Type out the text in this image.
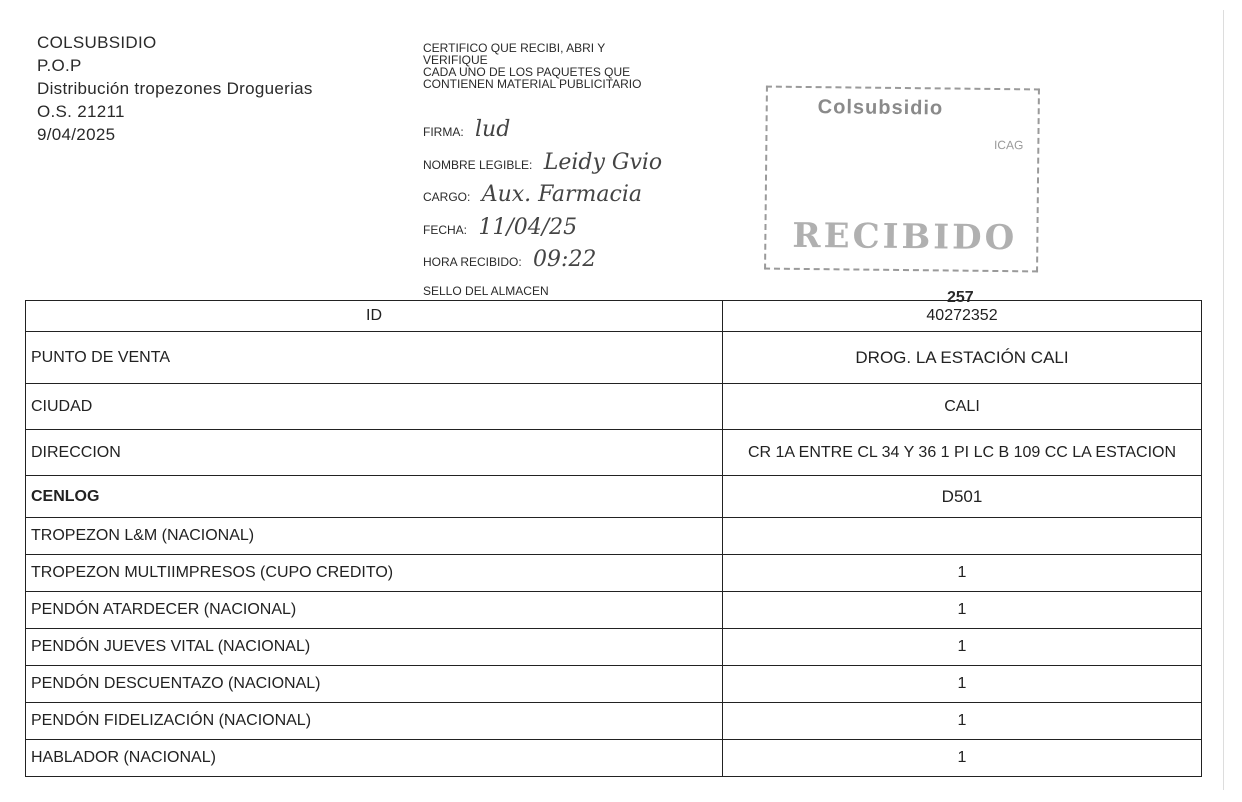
COLSUBSIDIO
P.O.P
Distribución tropezones Droguerias
O.S. 21211
9/04/2025
CERTIFICO QUE RECIBI, ABRI Y
VERIFIQUE
CADA UNO DE LOS PAQUETES QUE
CONTIENEN MATERIAL PUBLICITARIO
FIRMA: lud
NOMBRE LEGIBLE: Leidy Gvio
CARGO: Aux. Farmacia
FECHA: 11/04/25
HORA RECIBIDO: 09:22
SELLO DEL ALMACEN
Colsubsidio
ICAG
RECIBIDO
257
ID	40272352
PUNTO DE VENTA	DROG. LA ESTACIÓN CALI
CIUDAD	CALI
DIRECCION	CR 1A ENTRE CL 34 Y 36 1 PI LC B 109 CC LA ESTACION
CENLOG	D501
TROPEZON L&M (NACIONAL)	
TROPEZON MULTIIMPRESOS (CUPO CREDITO)	1
PENDÓN ATARDECER (NACIONAL)	1
PENDÓN JUEVES VITAL (NACIONAL)	1
PENDÓN DESCUENTAZO (NACIONAL)	1
PENDÓN FIDELIZACIÓN (NACIONAL)	1
HABLADOR (NACIONAL)	1
